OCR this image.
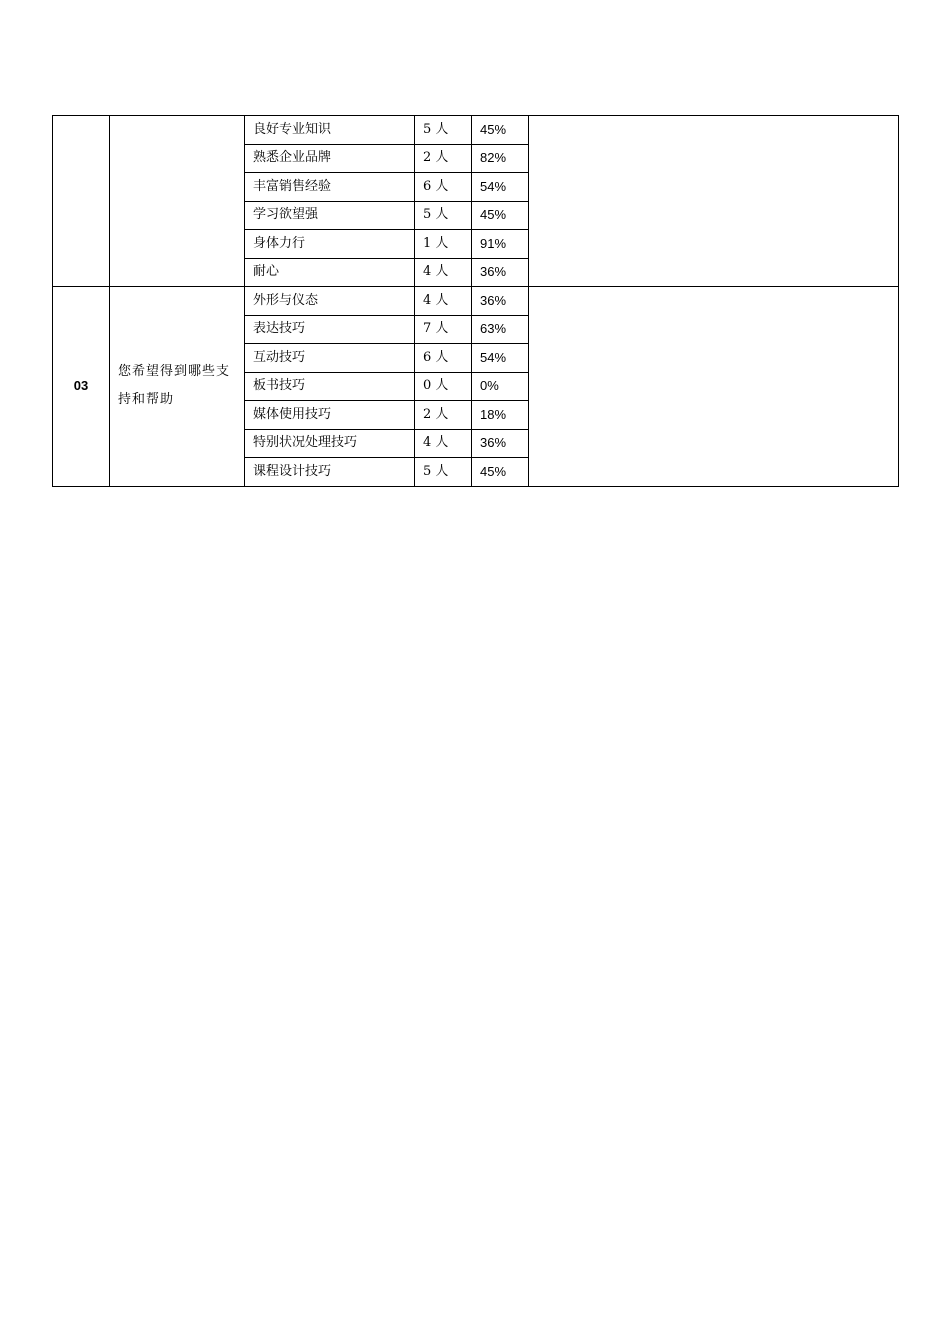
		良好专业知识	5 人	45%	
		熟悉企业品牌	2 人	82%	
		丰富销售经验	6 人	54%	
		学习欲望强	5 人	45%	
		身体力行	1 人	91%	
		耐心	4 人	36%	
03	您希望得到哪些支持和帮助	外形与仪态	4 人	36%	
		表达技巧	7 人	63%	
		互动技巧	6 人	54%	
		板书技巧	0 人	0%	
		媒体使用技巧	2 人	18%	
		特别状况处理技巧	4 人	36%	
		课程设计技巧	5 人	45%	
